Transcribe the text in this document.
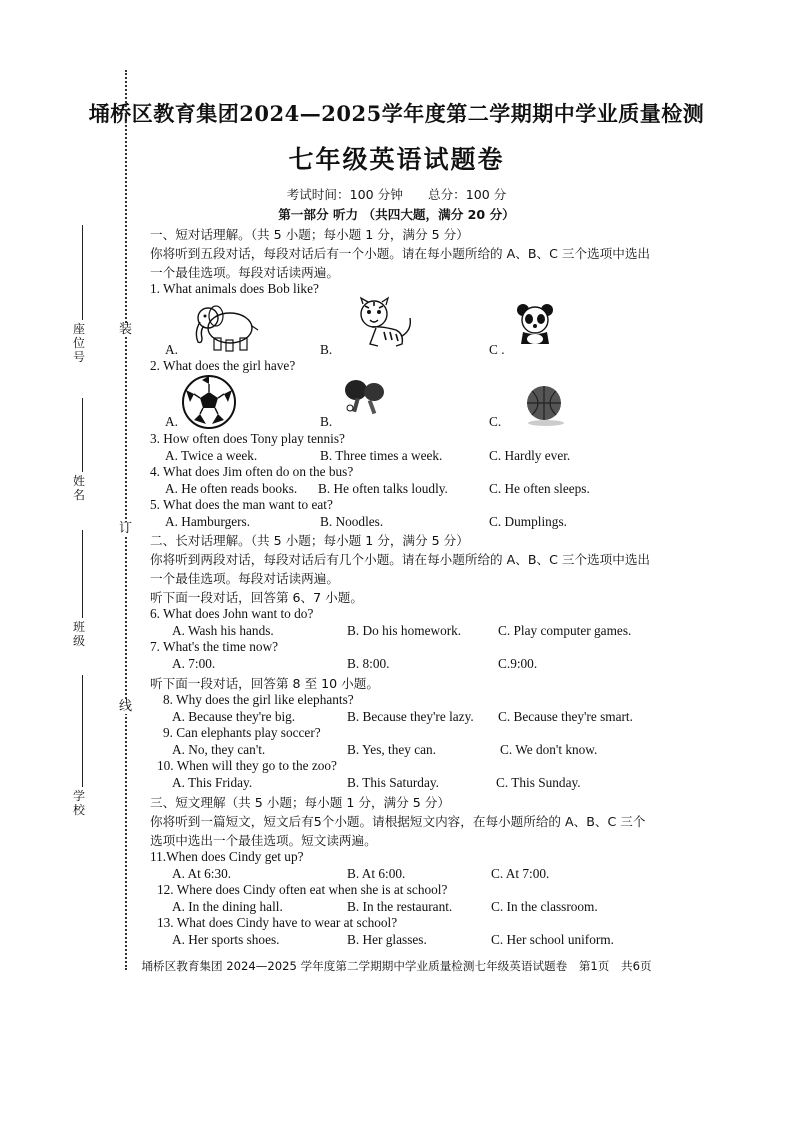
埇桥区教育集团2024—2025学年度第二学期期中学业质量检测
七年级英语试题卷
考试时间：100 分钟　　总分：100 分
第一部分 听力 （共四大题，满分 20 分）
装
订
线
座位号
姓名
班级
学校
一、短对话理解。（共 5 小题；每小题 1 分，满分 5 分）
你将听到五段对话，每段对话后有一个小题。请在每小题所给的 A、B、C 三个选项中选出
一个最佳选项。每段对话读两遍。
1. What animals does Bob like?
A.	B.	C .
2. What does the girl have?
A.	B.	C.
3. How often does Tony play tennis?
A. Twice a week.	B. Three times a week.	C. Hardly ever.
4. What does Jim often do on the bus?
A. He often reads books. B. He often talks loudly.	C. He often sleeps.
5. What does the man want to eat?
A. Hamburgers.	B. Noodles.	C. Dumplings.
二、长对话理解。（共 5 小题；每小题 1 分，满分 5 分）
你将听到两段对话，每段对话后有几个小题。请在每小题所给的 A、B、C 三个选项中选出
一个最佳选项。每段对话读两遍。
听下面一段对话，回答第 6、7 小题。
6. What does John want to do?
A. Wash his hands.	B. Do his homework.	C. Play computer games.
7. What's the time now?
A. 7:00.	B. 8:00.	C.9:00.
听下面一段对话，回答第 8 至 10 小题。
8. Why does the girl like elephants?
A. Because they're big.	B. Because they're lazy. C. Because they're smart.
9. Can elephants play soccer?
A. No, they can't.	B. Yes, they can.	C. We don't know.
10. When will they go to the zoo?
A. This Friday.	B. This Saturday.	C. This Sunday.
三、短文理解（共 5 小题；每小题 1 分，满分 5 分）
你将听到一篇短文，短文后有5个小题。请根据短文内容，在每小题所给的 A、B、C 三个
选项中选出一个最佳选项。短文读两遍。
11.When does Cindy get up?
A. At 6:30.	B. At 6:00.	C. At 7:00.
12. Where does Cindy often eat when she is at school?
A. In the dining hall.	B. In the restaurant.	C. In the classroom.
13. What does Cindy have to wear at school?
A. Her sports shoes.	B. Her glasses.	C. Her school uniform.
埇桥区教育集团 2024—2025 学年度第二学期期中学业质量检测七年级英语试题卷　第1页　共6页
